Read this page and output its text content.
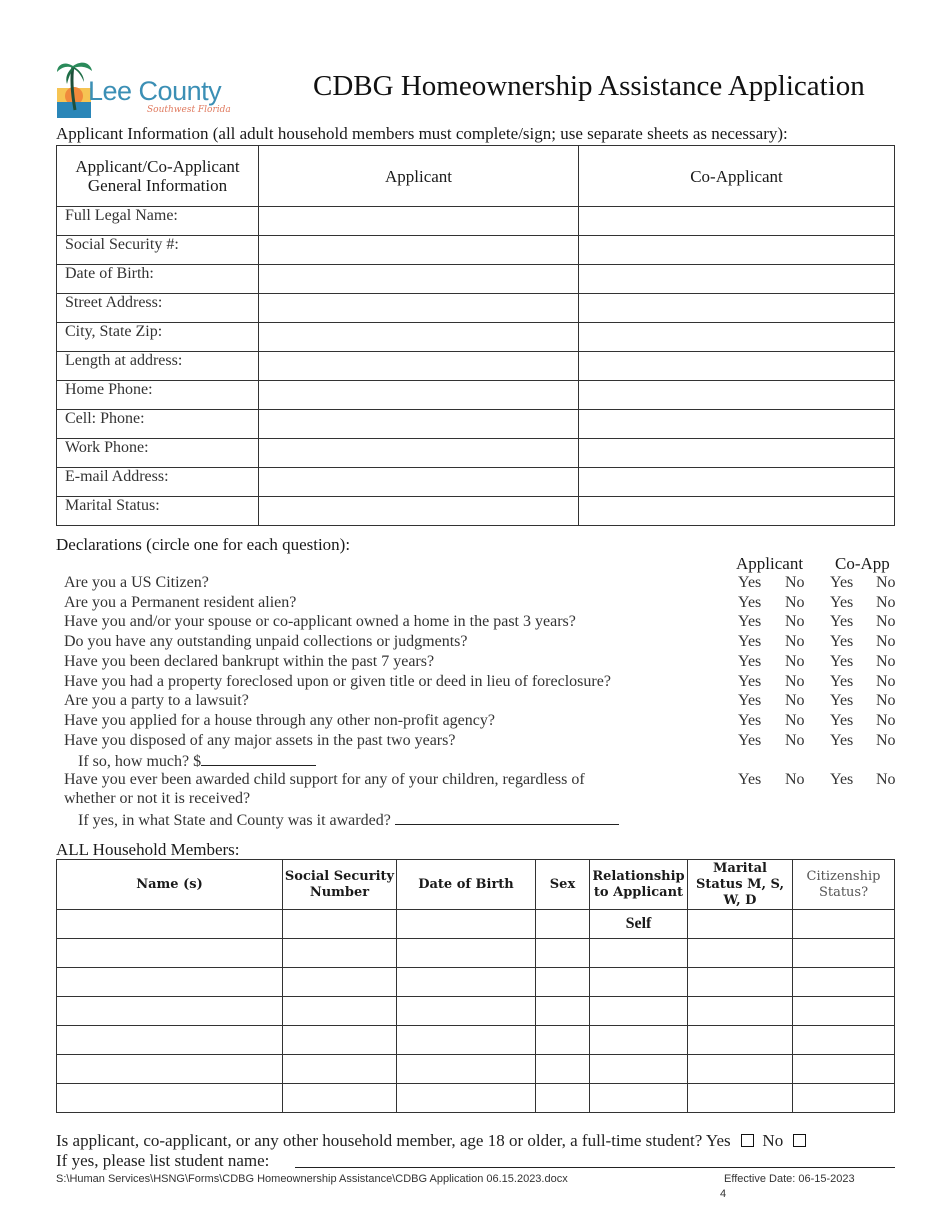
Lee County
Southwest Florida
CDBG Homeownership Assistance Application
Applicant Information (all adult household members must complete/sign; use separate sheets as necessary):
Applicant/Co-Applicant General Information	Applicant	Co-Applicant
Full Legal Name:		
Social Security #:		
Date of Birth:		
Street Address:		
City, State Zip:		
Length at address:		
Home Phone:		
Cell: Phone:		
Work Phone:		
E-mail Address:		
Marital Status:		
Declarations (circle one for each question):
Applicant Co-App
Are you a US Citizen?	Yes No Yes No
Are you a Permanent resident alien?	Yes No Yes No
Have you and/or your spouse or co-applicant owned a home in the past 3 years?	Yes No Yes No
Do you have any outstanding unpaid collections or judgments?	Yes No Yes No
Have you been declared bankrupt within the past 7 years?	Yes No Yes No
Have you had a property foreclosed upon or given title or deed in lieu of foreclosure?	Yes No Yes No
Are you a party to a lawsuit?	Yes No Yes No
Have you applied for a house through any other non-profit agency?	Yes No Yes No
Have you disposed of any major assets in the past two years?	Yes No Yes No
If so, how much? $
Have you ever been awarded child support for any of your children, regardless of
whether or not it is received?
Yes No Yes No
If yes, in what State and County was it awarded?
ALL Household Members:
Name (s)	Social Security Number	Date of Birth	Sex	Relationship to Applicant	Marital Status M, S, W, D	Citizenship Status?
				Self		

Is applicant, co-applicant, or any other household member, age 18 or older, a full-time student? Yes No
If yes, please list student name:
S:\Human Services\HSNG\Forms\CDBG Homeownership Assistance\CDBG Application 06.15.2023.docx	Effective Date: 06-15-2023
4
